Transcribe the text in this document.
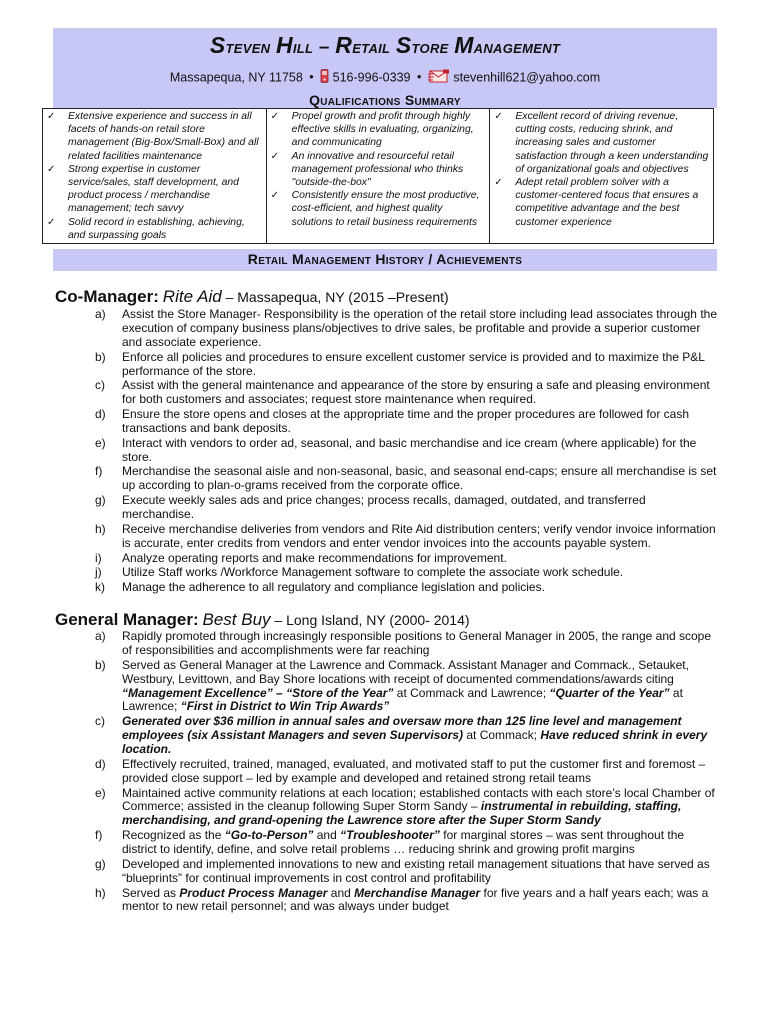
Steven Hill – Retail Store Management
Massapequa, NY 11758 • 516-996-0339 •	stevenhill621@yahoo.com
Qualifications Summary
✓	Extensive experience and success in all facets of hands-on retail store management (Big-Box/Small-Box) and all related facilities maintenance
✓	Strong expertise in customer service/sales, staff development, and product process / merchandise management; tech savvy
✓	Solid record in establishing, achieving, and surpassing goals
✓	Propel growth and profit through highly effective skills in evaluating, organizing, and communicating
✓	An innovative and resourceful retail management professional who thinks "outside-the-box"
✓	Consistently ensure the most productive, cost-efficient, and highest quality solutions to retail business requirements
✓	Excellent record of driving revenue, cutting costs, reducing shrink, and increasing sales and customer satisfaction through a keen understanding of organizational goals and objectives
✓	Adept retail problem solver with a customer-centered focus that ensures a competitive advantage and the best customer experience
Retail Management History / Achievements
Co-Manager: Rite Aid – Massapequa, NY (2015 –Present)
a)	Assist the Store Manager- Responsibility is the operation of the retail store including lead associates through the execution of company business plans/objectives to drive sales, be profitable and provide a superior customer and associate experience.
b)	Enforce all policies and procedures to ensure excellent customer service is provided and to maximize the P&L performance of the store.
c)	Assist with the general maintenance and appearance of the store by ensuring a safe and pleasing environment for both customers and associates; request store maintenance when required.
d)	Ensure the store opens and closes at the appropriate time and the proper procedures are followed for cash transactions and bank deposits.
e)	Interact with vendors to order ad, seasonal, and basic merchandise and ice cream (where applicable) for the store.
f)	Merchandise the seasonal aisle and non-seasonal, basic, and seasonal end-caps; ensure all merchandise is set up according to plan-o-grams received from the corporate office.
g)	Execute weekly sales ads and price changes; process recalls, damaged, outdated, and transferred merchandise.
h)	Receive merchandise deliveries from vendors and Rite Aid distribution centers; verify vendor invoice information is accurate, enter credits from vendors and enter vendor invoices into the accounts payable system.
i)	Analyze operating reports and make recommendations for improvement.
j)	Utilize Staff works /Workforce Management software to complete the associate work schedule.
k)	Manage the adherence to all regulatory and compliance legislation and policies.
General Manager: Best Buy – Long Island, NY (2000- 2014)
a)	Rapidly promoted through increasingly responsible positions to General Manager in 2005, the range and scope of responsibilities and accomplishments were far reaching
b)	Served as General Manager at the Lawrence and Commack. Assistant Manager and Commack., Setauket, Westbury, Levittown, and Bay Shore locations with receipt of documented commendations/awards citing “Management Excellence” – “Store of the Year” at Commack and Lawrence; “Quarter of the Year” at Lawrence; “First in District to Win Trip Awards”
c)	Generated over $36 million in annual sales and oversaw more than 125 line level and management employees (six Assistant Managers and seven Supervisors) at Commack; Have reduced shrink in every location.
d)	Effectively recruited, trained, managed, evaluated, and motivated staff to put the customer first and foremost – provided close support – led by example and developed and retained strong retail teams
e)	Maintained active community relations at each location; established contacts with each store’s local Chamber of Commerce; assisted in the cleanup following Super Storm Sandy – instrumental in rebuilding, staffing, merchandising, and grand-opening the Lawrence store after the Super Storm Sandy
f)	Recognized as the “Go-to-Person” and “Troubleshooter” for marginal stores – was sent throughout the district to identify, define, and solve retail problems … reducing shrink and growing profit margins
g)	Developed and implemented innovations to new and existing retail management situations that have served as “blueprints” for continual improvements in cost control and profitability
h)	Served as Product Process Manager and Merchandise Manager for five years and a half years each; was a mentor to new retail personnel; and was always under budget
